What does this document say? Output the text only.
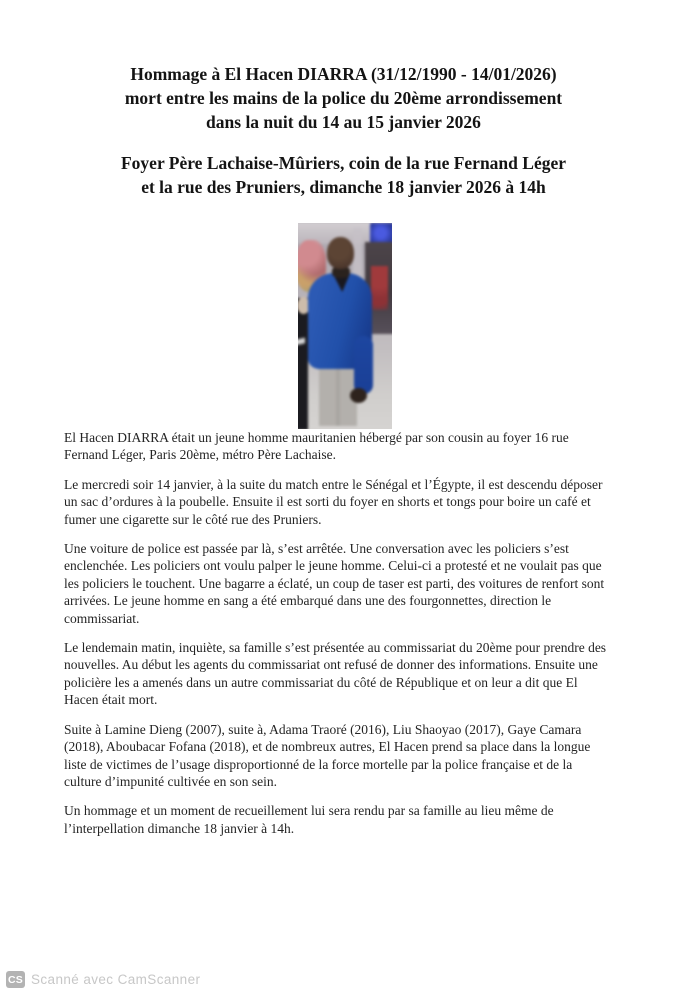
Hommage à El Hacen DIARRA (31/12/1990 - 14/01/2026)
mort entre les mains de la police du 20ème arrondissement
dans la nuit du 14 au 15 janvier 2026
Foyer Père Lachaise-Mûriers, coin de la rue Fernand Léger
et la rue des Pruniers, dimanche 18 janvier 2026 à 14h

El Hacen DIARRA était un jeune homme mauritanien hébergé par son cousin au foyer 16 rue
Fernand Léger, Paris 20ème, métro Père Lachaise.

Le mercredi soir 14 janvier, à la suite du match entre le Sénégal et l’Égypte, il est descendu déposer
un sac d’ordures à la poubelle. Ensuite il est sorti du foyer en shorts et tongs pour boire un café et
fumer une cigarette sur le côté rue des Pruniers.

Une voiture de police est passée par là, s’est arrêtée. Une conversation avec les policiers s’est
enclenchée. Les policiers ont voulu palper le jeune homme. Celui-ci a protesté et ne voulait pas que
les policiers le touchent. Une bagarre a éclaté, un coup de taser est parti, des voitures de renfort sont
arrivées. Le jeune homme en sang a été embarqué dans une des fourgonnettes, direction le
commissariat.

Le lendemain matin, inquiète, sa famille s’est présentée au commissariat du 20ème pour prendre des
nouvelles. Au début les agents du commissariat ont refusé de donner des informations. Ensuite une
policière les a amenés dans un autre commissariat du côté de République et on leur a dit que El
Hacen était mort.

Suite à Lamine Dieng (2007), suite à, Adama Traoré (2016), Liu Shaoyao (2017), Gaye Camara
(2018), Aboubacar Fofana (2018), et de nombreux autres, El Hacen prend sa place dans la longue
liste de victimes de l’usage disproportionné de la force mortelle par la police française et de la
culture d’impunité cultivée en son sein.

Un hommage et un moment de recueillement lui sera rendu par sa famille au lieu même de
l’interpellation dimanche 18 janvier à 14h.

CS Scanné avec CamScanner
